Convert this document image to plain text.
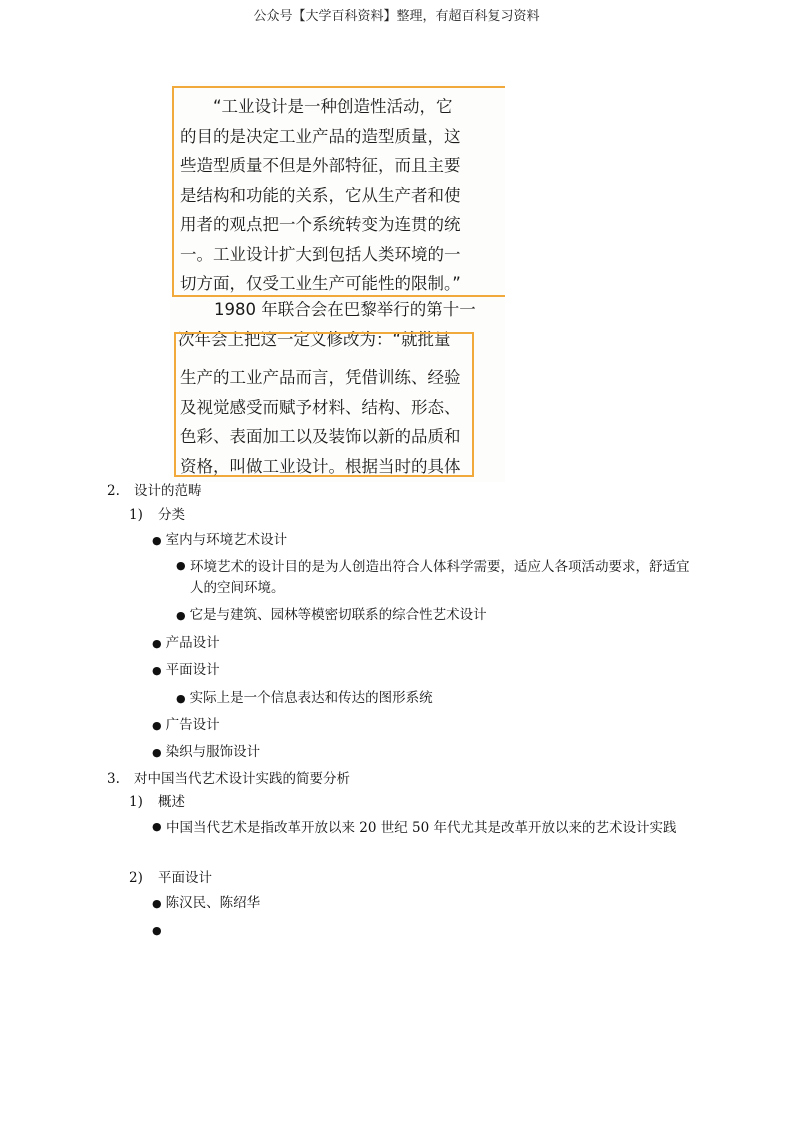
公众号【大学百科资料】整理，有超百科复习资料
“工业设计是一种创造性活动，它
的目的是决定工业产品的造型质量，这
些造型质量不但是外部特征，而且主要
是结构和功能的关系，它从生产者和使
用者的观点把一个系统转变为连贯的统
一。工业设计扩大到包括人类环境的一
切方面，仅受工业生产可能性的限制。”
1980 年联合会在巴黎举行的第十一
次年会上把这一定义修改为：“就批量
生产的工业产品而言，凭借训练、经验
及视觉感受而赋予材料、结构、形态、
色彩、表面加工以及装饰以新的品质和
资格，叫做工业设计。根据当时的具体
2. 设计的范畴
1) 分类
● 室内与环境艺术设计
● 环境艺术的设计目的是为人创造出符合人体科学需要，适应人各项活动要求，舒适宜人的空间环境。
● 它是与建筑、园林等模密切联系的综合性艺术设计
● 产品设计
● 平面设计
● 实际上是一个信息表达和传达的图形系统
● 广告设计
● 染织与服饰设计
3. 对中国当代艺术设计实践的简要分析
1) 概述
● 中国当代艺术是指改革开放以来 20 世纪 50 年代尤其是改革开放以来的艺术设计实践
2) 平面设计
● 陈汉民、陈绍华
●
